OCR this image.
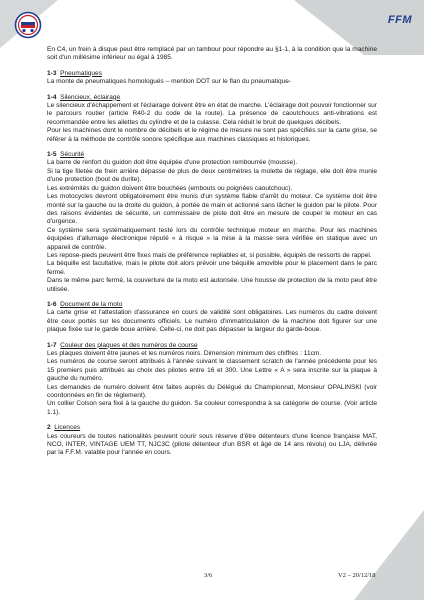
FFM

En C4, un frein à disque peut être remplacé par un tambour pour répondre au §1-1, à la condition que la machine soit d'un millésime inférieur ou égal à 1985.

1-3 Pneumatiques

La monte de pneumatiques homologués – mention DOT sur le flan du pneumatique-

1-4 Silencieux, éclairage

Le silencieux d'échappement et l'éclairage doivent être en état de marche. L'éclairage doit pouvoir fonctionner sur le parcours routier (article R40-2 du code de la route). La présence de caoutchoucs anti-vibrations est recommandée entre les ailettes du cylindre et de la culasse. Cela réduit le bruit de quelques décibels.

Pour les machines dont le nombre de décibels et le régime de mesure ne sont pas spécifiés sur la carte grise, se référer à la méthode de contrôle sonore spécifique aux machines classiques et historiques.

1-5 Sécurité

La barre de renfort du guidon doit être équipée d'une protection rembourrée (mousse).

Si la tige filetée de frein arrière dépasse de plus de deux centimètres la molette de réglage, elle doit être munie d'une protection (bout de durite).

Les extrémités du guidon doivent être bouchées (embouts ou poignées caoutchouc).

Les motocycles devront obligatoirement être munis d'un système fiable d'arrêt du moteur. Ce système doit être monté sur la gauche ou la droite du guidon, à portée de main et actionné sans lâcher le guidon par le pilote. Pour des raisons évidentes de sécurité, un commissaire de piste doit être en mesure de couper le moteur en cas d'urgence.

Ce système sera systématiquement testé lors du contrôle technique moteur en marche. Pour les machines équipées d'allumage électronique réputé « à risque » la mise à la masse sera vérifiée en statique avec un appareil de contrôle.

Les repose-pieds peuvent être fixes mais de préférence repliables et, si possible, équipés de ressorts de rappel.

La béquille est facultative, mais le pilote doit alors prévoir une béquille amovible pour le placement dans le parc fermé.

Dans le même parc fermé, la couverture de la moto est autorisée. Une housse de protection de la moto peut être utilisée.

1-6 Document de la moto

La carte grise et l'attestation d'assurance en cours de validité sont obligatoires. Les numéros du cadre doivent être ceux portés sur les documents officiels. Le numéro d'immatriculation de la machine doit figurer sur une plaque fixée sur le garde boue arrière. Celle-ci, ne doit pas dépasser la largeur du garde-boue.

1-7 Couleur des plaques et des numéros de course

Les plaques doivent être jaunes et les numéros noirs. Dimension minimum des chiffres : 11cm.

Les numéros de course seront attribués à l'année suivant le classement scratch de l'année précédente pour les 15 premiers puis attribués au choix des pilotes entre 16 et 300. Une Lettre « A » sera inscrite sur la plaque à gauche du numéro.

Les demandes de numéro doivent être faites auprès du Délégué du Championnat, Monsieur OPALINSKI (voir coordonnées en fin de règlement).

Un collier Colson sera fixé à la gauche du guidon. Sa couleur correspondra à sa catégorie de course. (Voir article 1.1).

2 Licences

Les coureurs de toutes nationalités peuvent courir sous réserve d'être détenteurs d'une licence française MAT, NCO, INTER, VINTAGE UEM TT, NJC3C (pilote détenteur d'un BSR et âgé de 14 ans révolu) ou LJA, délivrée par la F.F.M. valable pour l'année en cours.

3/6	V2 – 20/12/18
